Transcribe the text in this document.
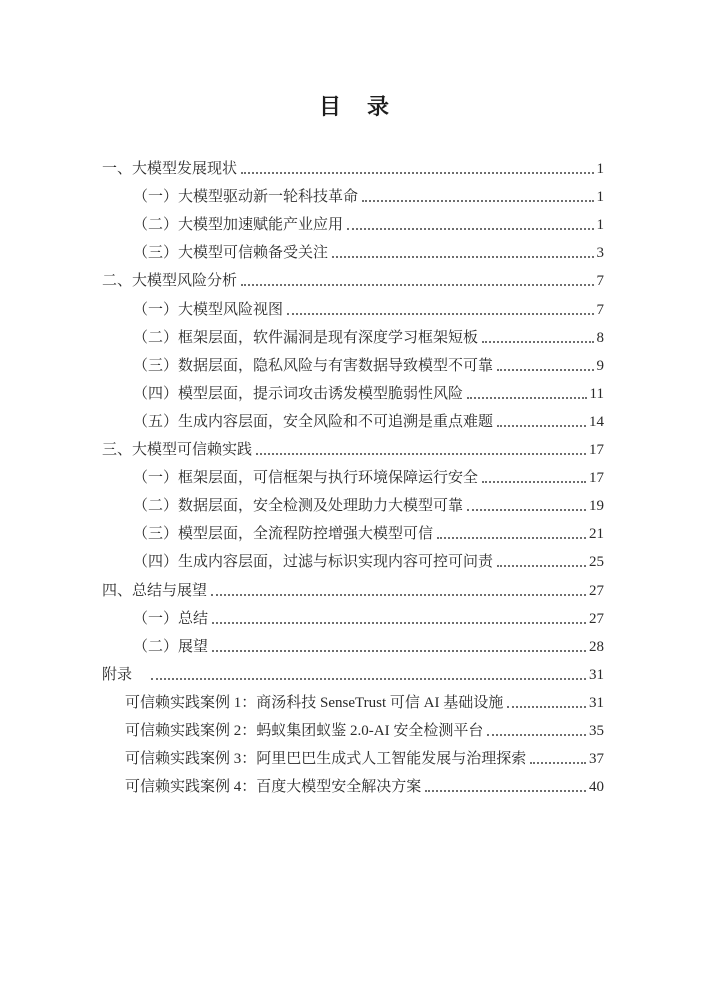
目　录
一、大模型发展现状	1
（一）大模型驱动新一轮科技革命	1
（二）大模型加速赋能产业应用	1
（三）大模型可信赖备受关注	3
二、大模型风险分析	7
（一）大模型风险视图	7
（二）框架层面，软件漏洞是现有深度学习框架短板	8
（三）数据层面，隐私风险与有害数据导致模型不可靠	9
（四）模型层面，提示词攻击诱发模型脆弱性风险	11
（五）生成内容层面，安全风险和不可追溯是重点难题	14
三、大模型可信赖实践	17
（一）框架层面，可信框架与执行环境保障运行安全	17
（二）数据层面，安全检测及处理助力大模型可靠	19
（三）模型层面，全流程防控增强大模型可信	21
（四）生成内容层面，过滤与标识实现内容可控可问责	25
四、总结与展望	27
（一）总结	27
（二）展望	28
附录	31
可信赖实践案例 1：商汤科技 SenseTrust 可信 AI 基础设施	31
可信赖实践案例 2：蚂蚁集团蚁鉴 2.0-AI 安全检测平台	35
可信赖实践案例 3：阿里巴巴生成式人工智能发展与治理探索	37
可信赖实践案例 4：百度大模型安全解决方案	40
